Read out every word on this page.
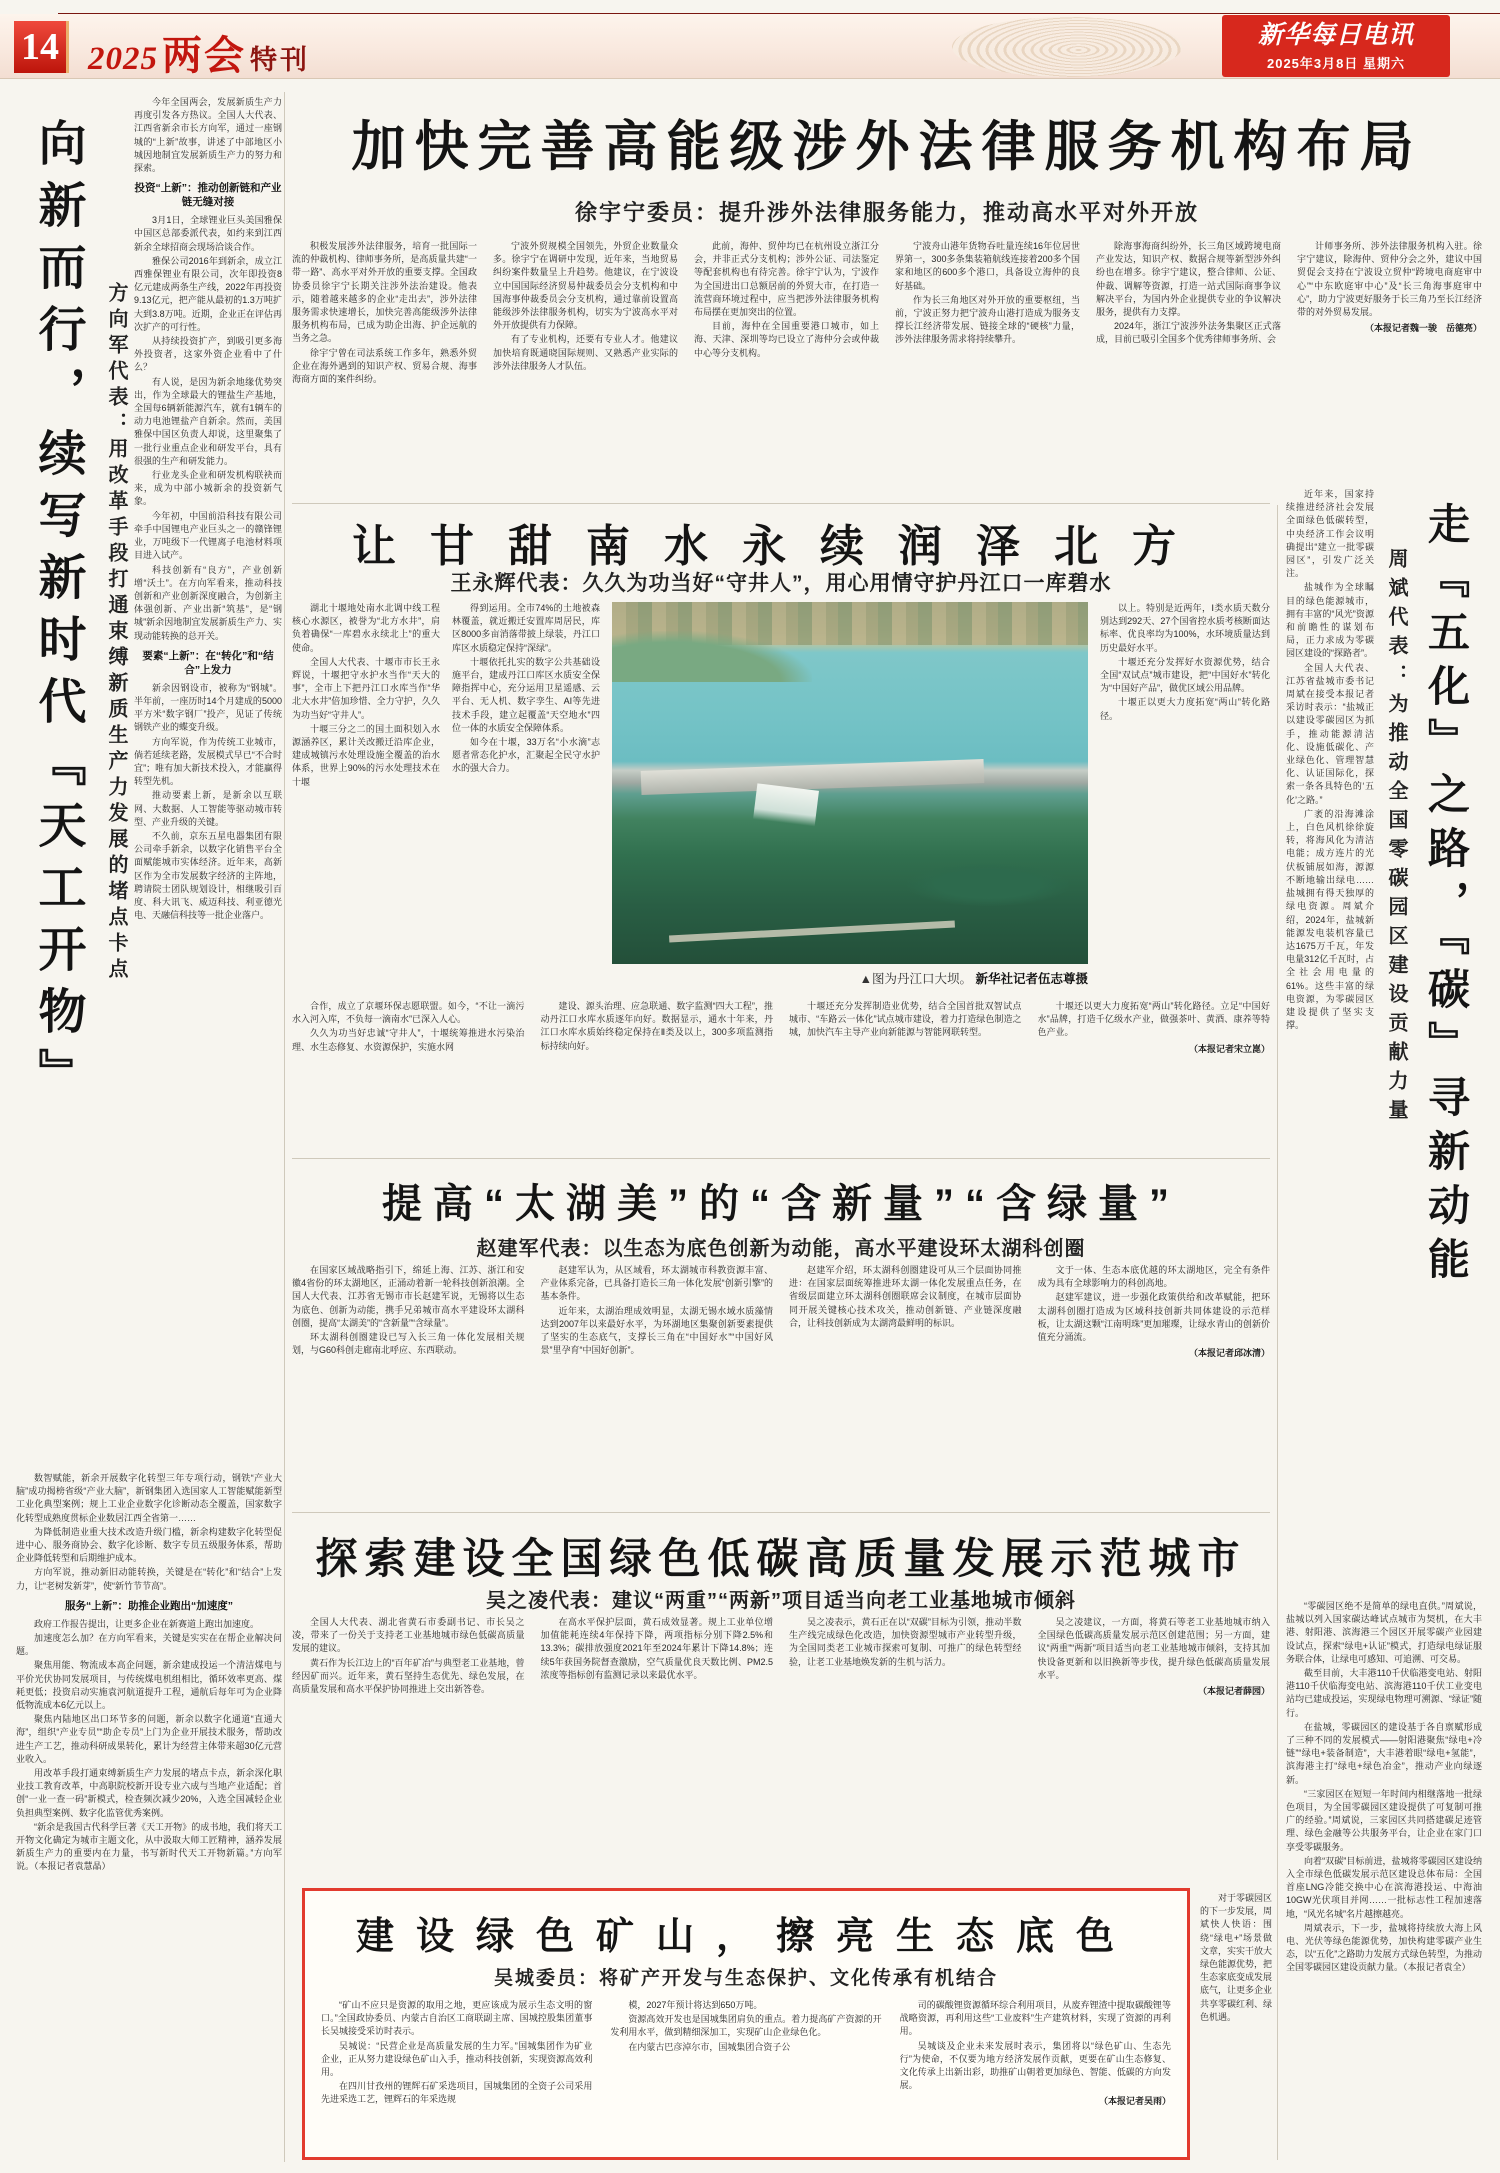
14 2025 两会 特刊
新华每日电讯
2025年3月8日 星期六
向新而行，续写新时代『天工开物』	方向军代表：用改革手段打通束缚新质生产力发展的堵点卡点
今年全国两会，发展新质生产力再度引发各方热议。全国人大代表、江西省新余市长方向军，通过一座钢城的“上新”故事，讲述了中部地区小城因地制宜发展新质生产力的努力和探索。
投资“上新”：推动创新链和产业链无缝对接
3月1日，全球锂业巨头美国雅保中国区总部委派代表，如约来到江西新余全球招商会现场洽谈合作。
雅保公司2016年到新余，成立江西雅保锂业有限公司，次年即投资8亿元建成两条生产线，2022年再投资9.13亿元，把产能从最初的1.3万吨扩大到3.8万吨。近期，企业正在评估再次扩产的可行性。
从持续投资扩产，到吸引更多海外投资者，这家外资企业看中了什么？
有人说，是因为新余地缘优势突出，作为全球最大的锂盐生产基地，全国每6辆新能源汽车，就有1辆车的动力电池锂盐产自新余。然而，美国雅保中国区负责人却说，这里聚集了一批行业重点企业和研发平台，具有很强的生产和研发能力。
行业龙头企业和研发机构联袂而来，成为中部小城新余的投资新气象。
今年初，中国前沿科技有限公司牵手中国锂电产业巨头之一的赣锋锂业，万吨级下一代锂离子电池材料项目进入试产。
科技创新有“良方”，产业创新增“沃土”。在方向军看来，推动科技创新和产业创新深度融合，为创新主体强创新、产业出新“筑基”，是“钢城”新余因地制宜发展新质生产力、实现动能转换的总开关。
要素“上新”：在“转化”和“结合”上发力
新余因钢设市，被称为“钢城”。半年前，一座历时14个月建成的5000平方米“数字钢厂”投产，见证了传统钢铁产业的蝶变升级。
方向军说，作为传统工业城市，倘若延续老路，发展模式早已“不合时宜”；唯有加大新技术投入，才能赢得转型先机。
推动要素上新，是新余以互联网、大数据、人工智能等驱动城市转型、产业升级的关键。
不久前，京东五星电器集团有限公司牵手新余，以数字化销售平台全面赋能城市实体经济。近年来，高新区作为全市发展数字经济的主阵地，聘请院士团队规划设计，相继吸引百度、科大讯飞、威迈科技、利亚德光电、天融信科技等一批企业落户。
数智赋能，新余开展数字化转型三年专项行动，钢铁“产业大脑”成功揭榜省级“产业大脑”，新钢集团入选国家人工智能赋能新型工业化典型案例；规上工业企业数字化诊断动态全覆盖，国家数字化转型成熟度贯标企业数居江西全省第一……
为降低制造业重大技术改造升级门槛，新余构建数字化转型促进中心、服务商协会、数字化诊断、数字专员五级服务体系，帮助企业降低转型和后期维护成本。
方向军说，推动新旧动能转换，关键是在“转化”和“结合”上发力，让“老树发新芽”，使“新竹节节高”。
服务“上新”：助推企业跑出“加速度”
政府工作报告提出，让更多企业在新赛道上跑出加速度。
加速度怎么加？在方向军看来，关键是实实在在帮企业解决问题。
聚焦用能、物流成本高企问题，新余建成投运一个清洁煤电与平价光伏协同发展项目，与传统煤电机组相比，循环效率更高、煤耗更低；投资启动实施袁河航道提升工程，通航后每年可为企业降低物流成本6亿元以上。
聚焦内陆地区出口环节多的问题，新余以数字化通道“直通大海”，组织“产业专员”“助企专员”上门为企业开展技术服务，帮助改进生产工艺，推动科研成果转化，累计为经营主体带来超30亿元营业收入。
用改革手段打通束缚新质生产力发展的堵点卡点，新余深化职业技工教育改革，中高职院校新开设专业六成与当地产业适配；首创“一业一查一码”新模式，检查频次减少20%，入选全国减轻企业负担典型案例、数字化监管优秀案例。
“新余是我国古代科学巨著《天工开物》的成书地，我们将天工开物文化确定为城市主题文化，从中汲取大师工匠精神，涵养发展新质生产力的重要内在力量，书写新时代天工开物新篇。”方向军说。（本报记者袁慧晶）
加快完善高能级涉外法律服务机构布局
徐宇宁委员：提升涉外法律服务能力，推动高水平对外开放
积极发展涉外法律服务，培育一批国际一流的仲裁机构、律师事务所，是高质量共建“一带一路”、高水平对外开放的重要支撑。全国政协委员徐宇宁长期关注涉外法治建设。他表示，随着越来越多的企业“走出去”，涉外法律服务需求快速增长，加快完善高能级涉外法律服务机构布局，已成为助企出海、护企远航的当务之急。
徐宇宁曾在司法系统工作多年，熟悉外贸企业在海外遇到的知识产权、贸易合规、海事海商方面的案件纠纷。
宁波外贸规模全国领先，外贸企业数量众多。徐宇宁在调研中发现，近年来，当地贸易纠纷案件数量呈上升趋势。他建议，在宁波设立中国国际经济贸易仲裁委员会分支机构和中国海事仲裁委员会分支机构，通过靠前设置高能级涉外法律服务机构，切实为宁波高水平对外开放提供有力保障。
有了专业机构，还要有专业人才。他建议加快培育既通晓国际规则、又熟悉产业实际的涉外法律服务人才队伍。
此前，海仲、贸仲均已在杭州设立浙江分会，并非正式分支机构；涉外公证、司法鉴定等配套机构也有待完善。徐宇宁认为，宁波作为全国进出口总额居前的外贸大市，在打造一流营商环境过程中，应当把涉外法律服务机构布局摆在更加突出的位置。
目前，海仲在全国重要港口城市，如上海、天津、深圳等均已设立了海仲分会或仲裁中心等分支机构。
宁波舟山港年货物吞吐量连续16年位居世界第一，300多条集装箱航线连接着200多个国家和地区的600多个港口，具备设立海仲的良好基础。
作为长三角地区对外开放的重要枢纽，当前，宁波正努力把宁波舟山港打造成为服务支撑长江经济带发展、链接全球的“硬核”力量，涉外法律服务需求将持续攀升。
除海事海商纠纷外，长三角区域跨境电商产业发达，知识产权、数据合规等新型涉外纠纷也在增多。徐宇宁建议，整合律师、公证、仲裁、调解等资源，打造一站式国际商事争议解决平台，为国内外企业提供专业的争议解决服务，提供有力支撑。
2024年，浙江宁波涉外法务集聚区正式落成，目前已吸引全国多个优秀律师事务所、会
计师事务所、涉外法律服务机构入驻。徐宇宁建议，除海仲、贸仲分会之外，建议中国贸促会支持在宁波设立贸仲“跨境电商庭审中心”“中东欧庭审中心”及“长三角海事庭审中心”，助力宁波更好服务于长三角乃至长江经济带的对外贸易发展。
（本报记者魏一骏　岳德亮）
让甘甜南水永续润泽北方
王永辉代表：久久为功当好“守井人”，用心用情守护丹江口一库碧水
湖北十堰地处南水北调中线工程核心水源区，被誉为“北方水井”，肩负着确保“一库碧水永续北上”的重大使命。
全国人大代表、十堰市市长王永辉说，十堰把守水护水当作“天大的事”，全市上下把丹江口水库当作“华北大水井”倍加珍惜、全力守护，久久为功当好“守井人”。
十堰三分之二的国土面积划入水源涵养区，累计关改搬迁沿库企业，建成城镇污水处理设施全覆盖的治水体系，世界上90%的污水处理技术在十堰
得到运用。全市74%的土地被森林覆盖，就近搬迁安置库周居民，库区8000多亩消落带披上绿装，丹江口库区水质稳定保持“深绿”。
十堰依托扎实的数字公共基础设施平台，建成丹江口库区水质安全保障指挥中心，充分运用卫星遥感、云平台、无人机、数字孪生、AI等先进技术手段，建立起覆盖“天空地水”四位一体的水质安全保障体系。
如今在十堰，33万名“小水滴”志愿者常态化护水，汇聚起全民守水护水的强大合力。
▲图为丹江口大坝。 新华社记者伍志尊摄
以上。特别是近两年，Ⅰ类水质天数分别达到292天、27个国省控水质考核断面达标率、优良率均为100%，水环境质量达到历史最好水平。
十堰还充分发挥好水资源优势，结合全国“双试点”城市建设，把“中国好水”转化为“中国好产品”，做优区域公用品牌。
十堰正以更大力度拓宽“两山”转化路径。
合作，成立了京堰环保志愿联盟。如今，“不让一滴污水入河入库，不负每一滴南水”已深入人心。
久久为功当好忠诚“守井人”，十堰统筹推进水污染治理、水生态修复、水资源保护，实施水网
建设、源头治理、应急联通、数字监测“四大工程”，推动丹江口水库水质逐年向好。数据显示，通水十年来，丹江口水库水质始终稳定保持在Ⅱ类及以上，300多项监测指标持续向好。
十堰还充分发挥制造业优势，结合全国首批双智试点城市、“车路云一体化”试点城市建设，着力打造绿色制造之城，加快汽车主导产业向新能源与智能网联转型。
十堰还以更大力度拓宽“两山”转化路径。立足“中国好水”品牌，打造千亿级水产业，做强茶叶、黄酒、康养等特色产业。
（本报记者宋立崑）
提高“太湖美”的“含新量”“含绿量”
赵建军代表：以生态为底色创新为动能，高水平建设环太湖科创圈
在国家区域战略指引下，绵延上海、江苏、浙江和安徽4省份的环太湖地区，正涌动着新一轮科技创新浪潮。全国人大代表、江苏省无锡市市长赵建军说，无锡将以生态为底色、创新为动能，携手兄弟城市高水平建设环太湖科创圈，提高“太湖美”的“含新量”“含绿量”。
环太湖科创圈建设已写入长三角一体化发展相关规划，与G60科创走廊南北呼应、东西联动。
赵建军认为，从区域看，环太湖城市科教资源丰富、产业体系完备，已具备打造长三角一体化发展“创新引擎”的基本条件。
近年来，太湖治理成效明显，太湖无锡水域水质藻情达到2007年以来最好水平，为环湖地区集聚创新要素提供了坚实的生态底气，支撑长三角在“中国好水”“中国好风景”里孕育“中国好创新”。
赵建军介绍，环太湖科创圈建设可从三个层面协同推进：在国家层面统筹推进环太湖一体化发展重点任务，在省级层面建立环太湖科创圈联席会议制度，在城市层面协同开展关键核心技术攻关，推动创新链、产业链深度融合，让科技创新成为太湖湾最鲜明的标识。
文于一体、生态本底优越的环太湖地区，完全有条件成为具有全球影响力的科创高地。
赵建军建议，进一步强化政策供给和改革赋能，把环太湖科创圈打造成为区域科技创新共同体建设的示范样板，让太湖这颗“江南明珠”更加璀璨，让绿水青山的创新价值充分涌流。
（本报记者邱冰清）
探索建设全国绿色低碳高质量发展示范城市
吴之凌代表：建议“两重”“两新”项目适当向老工业基地城市倾斜
全国人大代表、湖北省黄石市委副书记、市长吴之凌，带来了一份关于支持老工业基地城市绿色低碳高质量发展的建议。
黄石作为长江边上的“百年矿冶”与典型老工业基地，曾经因矿而兴。近年来，黄石坚持生态优先、绿色发展，在高质量发展和高水平保护协同推进上交出新答卷。
在高水平保护层面，黄石成效显著。规上工业单位增加值能耗连续4年保持下降，两项指标分别下降2.5%和13.3%；碳排放强度2021年至2024年累计下降14.8%；连续5年获国务院督查激励，空气质量优良天数比例、PM2.5浓度等指标创有监测记录以来最优水平。
吴之凌表示，黄石正在以“双碳”目标为引领，推动半数生产线完成绿色化改造，加快资源型城市产业转型升级，为全国同类老工业城市探索可复制、可推广的绿色转型经验，让老工业基地焕发新的生机与活力。
吴之凌建议，一方面，将黄石等老工业基地城市纳入全国绿色低碳高质量发展示范区创建范围；另一方面，建议“两重”“两新”项目适当向老工业基地城市倾斜，支持其加快设备更新和以旧换新等步伐，提升绿色低碳高质量发展水平。
（本报记者薛园）
建设绿色矿山，擦亮生态底色
吴城委员：将矿产开发与生态保护、文化传承有机结合
“矿山不应只是资源的取用之地，更应该成为展示生态文明的窗口。”全国政协委员、内蒙古自治区工商联副主席、国城控股集团董事长吴城接受采访时表示。
吴城说：“民营企业是高质量发展的生力军。”国城集团作为矿业企业，正从努力建设绿色矿山入手，推动科技创新，实现资源高效利用。
在四川甘孜州的锂辉石矿采选项目，国城集团的全资子公司采用先进采选工艺，锂辉石的年采选规
模，2027年预计将达到650万吨。
资源高效开发也是国城集团肩负的重点。着力提高矿产资源的开发利用水平，做到精细深加工，实现矿山企业绿色化。
在内蒙古巴彦淖尔市，国城集团合资子公
司的碳酸锂资源循环综合利用项目，从废弃锂渣中提取碳酸锂等战略资源，再利用这些“工业废料”生产建筑材料，实现了资源的再利用。
吴城谈及企业未来发展时表示，集团将以“绿色矿山、生态先行”为使命，不仅要为地方经济发展作贡献，更要在矿山生态修复、文化传承上出新出彩，助推矿山朝着更加绿色、智能、低碳的方向发展。
（本报记者吴雨）
对于零碳园区的下一步发展，周斌快人快语：围绕“绿电+”场景做文章，实实干放大绿色能源优势，把生态家底变成发展底气，让更多企业共享零碳红利、绿色机遇。
走『五化』之路，『碳』寻新动能
周斌代表：为推动全国零碳园区建设贡献力量
近年来，国家持续推进经济社会发展全面绿色低碳转型，中央经济工作会议明确提出“建立一批零碳园区”，引发广泛关注。
盐城作为全球瞩目的绿色能源城市，拥有丰富的“风光”资源和前瞻性的谋划布局，正力求成为零碳园区建设的“探路者”。
全国人大代表、江苏省盐城市委书记周斌在接受本报记者采访时表示：“盐城正以建设零碳园区为抓手，推动能源清洁化、设施低碳化、产业绿色化、管理智慧化、认证国际化，探索一条各具特色的‘五化’之路。”
广袤的沿海滩涂上，白色风机徐徐旋转，将海风化为清洁电能；成方连片的光伏板铺展如海，源源不断地输出绿电……盐城拥有得天独厚的绿电资源。周斌介绍，2024年，盐城新能源发电装机容量已达1675万千瓦，年发电量312亿千瓦时，占全社会用电量的61%。这些丰富的绿电资源，为零碳园区建设提供了坚实支撑。
“零碳园区绝不是简单的绿电直供。”周斌说，盐城以列入国家碳达峰试点城市为契机，在大丰港、射阳港、滨海港三个园区开展零碳产业园建设试点，探索“绿电+认证”模式，打造绿电绿证服务联合体，让绿电可感知、可追溯、可交易。
截至目前，大丰港110千伏临港变电站、射阳港110千伏临海变电站、滨海港110千伏工业变电站均已建成投运，实现绿电物理可溯源、“绿证”随行。
在盐城，零碳园区的建设基于各自禀赋形成了三种不同的发展模式——射阳港聚焦“绿电+冷链”“绿电+装备制造”，大丰港着眼“绿电+氢能”，滨海港主打“绿电+绿色冶金”，推动产业向绿逐新。
“三家园区在短短一年时间内相继落地一批绿色项目，为全国零碳园区建设提供了可复制可推广的经验。”周斌说，三家园区共同搭建碳足迹管理、绿色金融等公共服务平台，让企业在家门口享受零碳服务。
向着“双碳”目标前进，盐城将零碳园区建设纳入全市绿色低碳发展示范区建设总体布局：全国首座LNG冷能交换中心在滨海港投运、中海油10GW光伏项目并网……一批标志性工程加速落地，“风光名城”名片越擦越亮。
周斌表示，下一步，盐城将持续放大海上风电、光伏等绿色能源优势，加快构建零碳产业生态，以“五化”之路助力发展方式绿色转型，为推动全国零碳园区建设贡献力量。（本报记者袁全）
